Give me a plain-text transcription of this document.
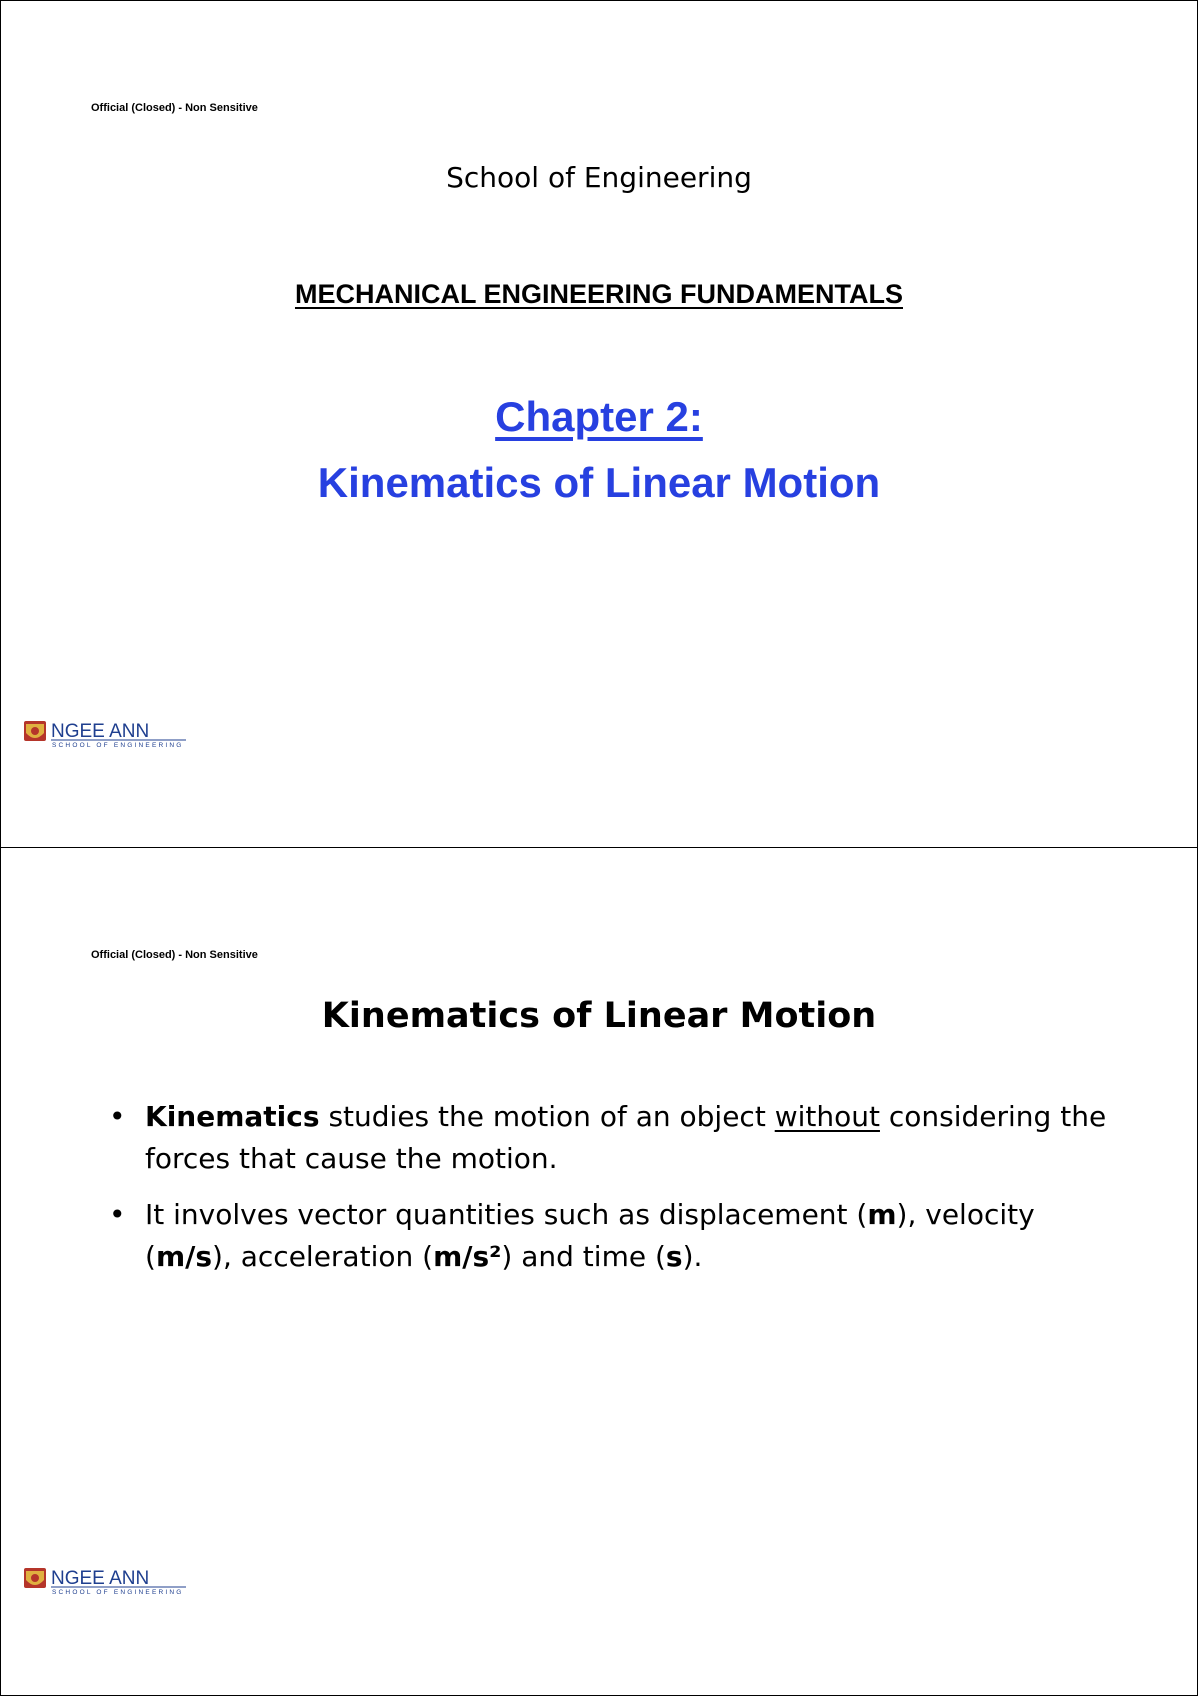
Official (Closed) - Non Sensitive
School of Engineering
MECHANICAL ENGINEERING FUNDAMENTALS
Chapter 2:
Kinematics of Linear Motion
NGEE ANN
SCHOOL OF ENGINEERING
Official (Closed) - Non Sensitive
Kinematics of Linear Motion
• Kinematics studies the motion of an object without considering the forces that cause the motion.
• It involves vector quantities such as displacement (m), velocity (m/s), acceleration (m/s²) and time (s).
NGEE ANN
SCHOOL OF ENGINEERING
